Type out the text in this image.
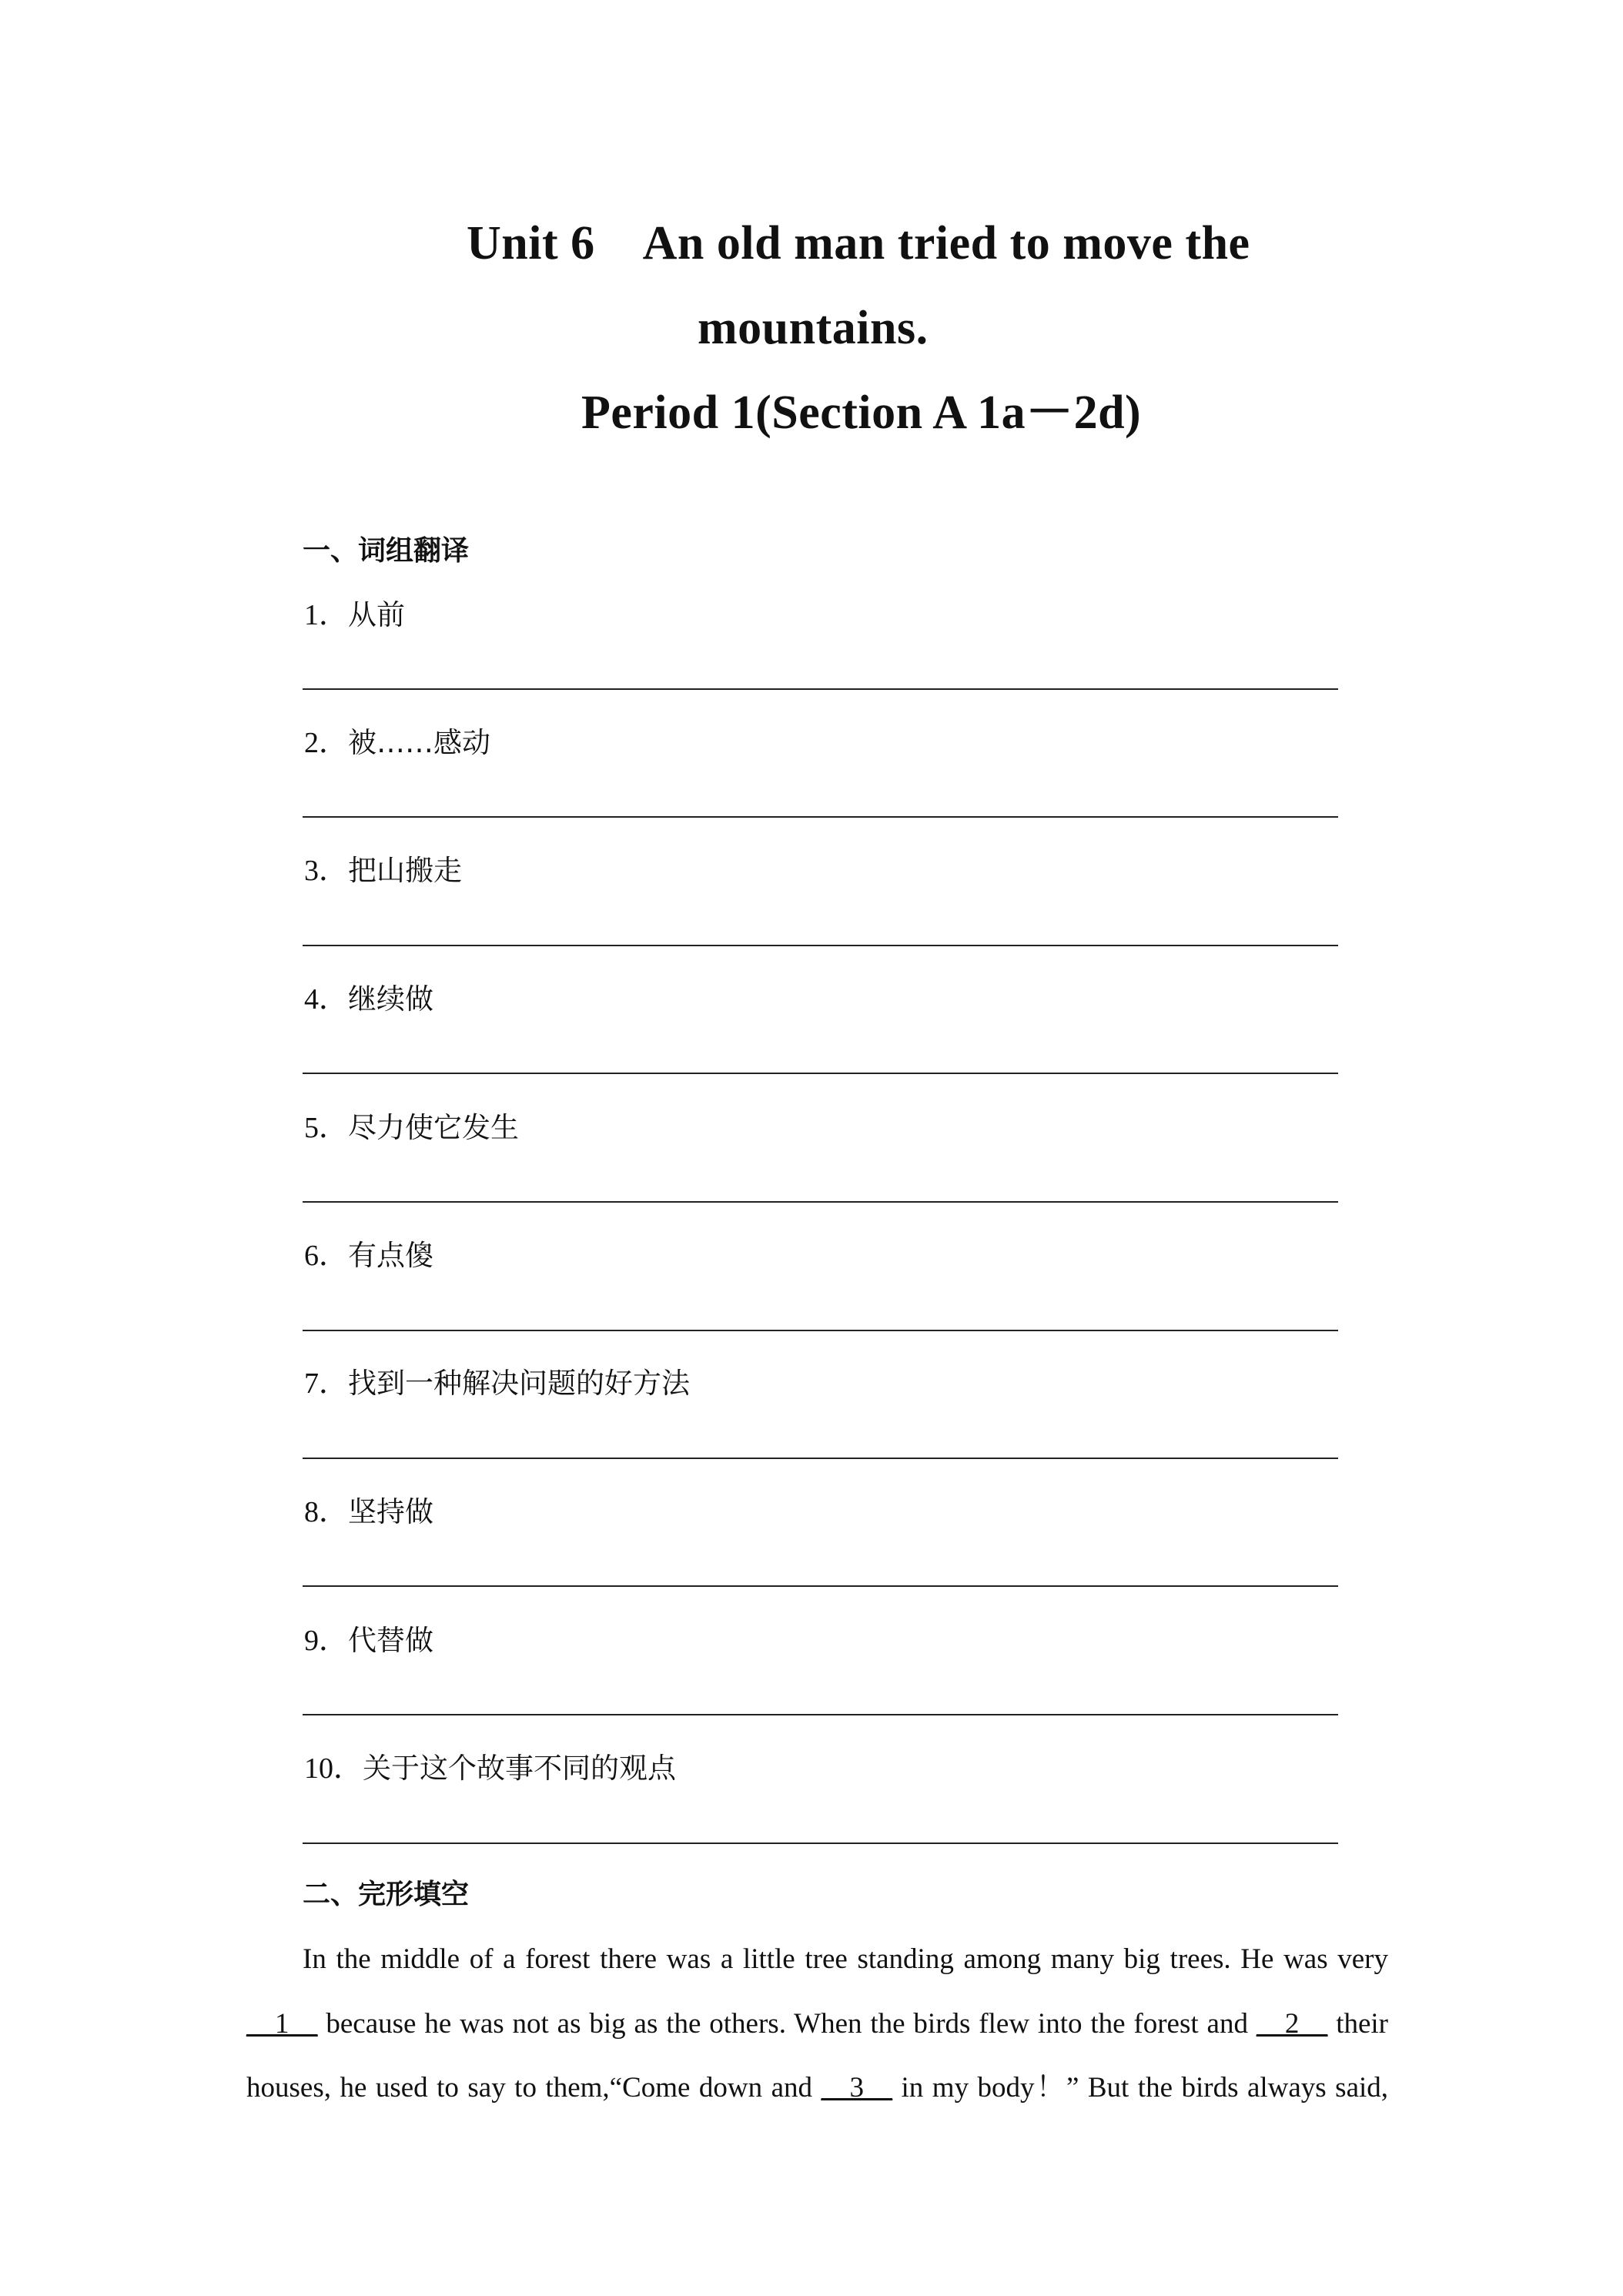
Unit 6 An old man tried to move the
mountains.
Period 1(Section A 1a－2d)
一、词组翻译
1．从前
2．被……感动
3．把山搬走
4．继续做
5．尽力使它发生
6．有点傻
7．找到一种解决问题的好方法
8．坚持做
9．代替做
10．关于这个故事不同的观点
二、完形填空
In the middle of a forest there was a little tree standing among many big trees. He was very
__1__ because he was not as big as the others. When the birds flew into the forest and __2__ their
houses, he used to say to them,“Come down and __3__ in my body！” But the birds always said,
